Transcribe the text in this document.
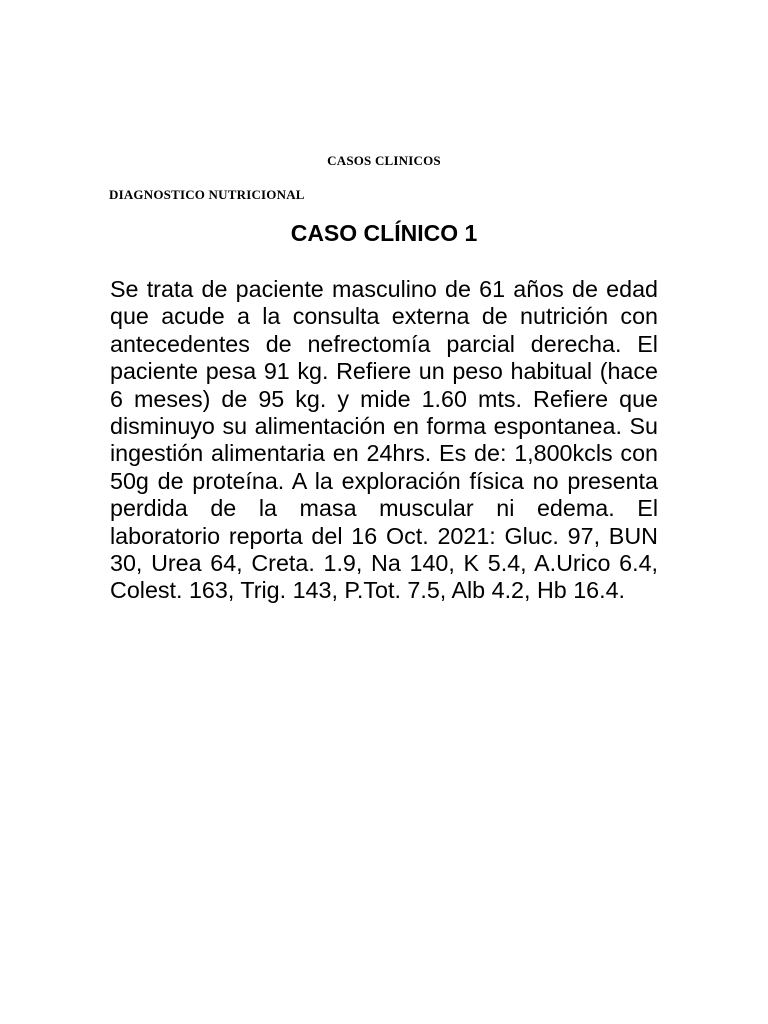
CASOS CLINICOS
DIAGNOSTICO NUTRICIONAL
CASO CLÍNICO 1

Se trata de paciente masculino de 61 años de edad que acude a la consulta externa de nutrición con antecedentes de nefrectomía parcial derecha. El paciente pesa 91 kg. Refiere un peso habitual (hace 6 meses) de 95 kg. y mide 1.60 mts. Refiere que disminuyo su alimentación en forma espontanea. Su ingestión alimentaria en 24hrs. Es de: 1,800kcls con 50g de proteína. A la exploración física no presenta perdida de la masa muscular ni edema. El laboratorio reporta del 16 Oct. 2021: Gluc. 97, BUN 30, Urea 64, Creta. 1.9, Na 140, K 5.4, A.Urico 6.4, Colest. 163, Trig. 143, P.Tot. 7.5, Alb 4.2, Hb 16.4.
